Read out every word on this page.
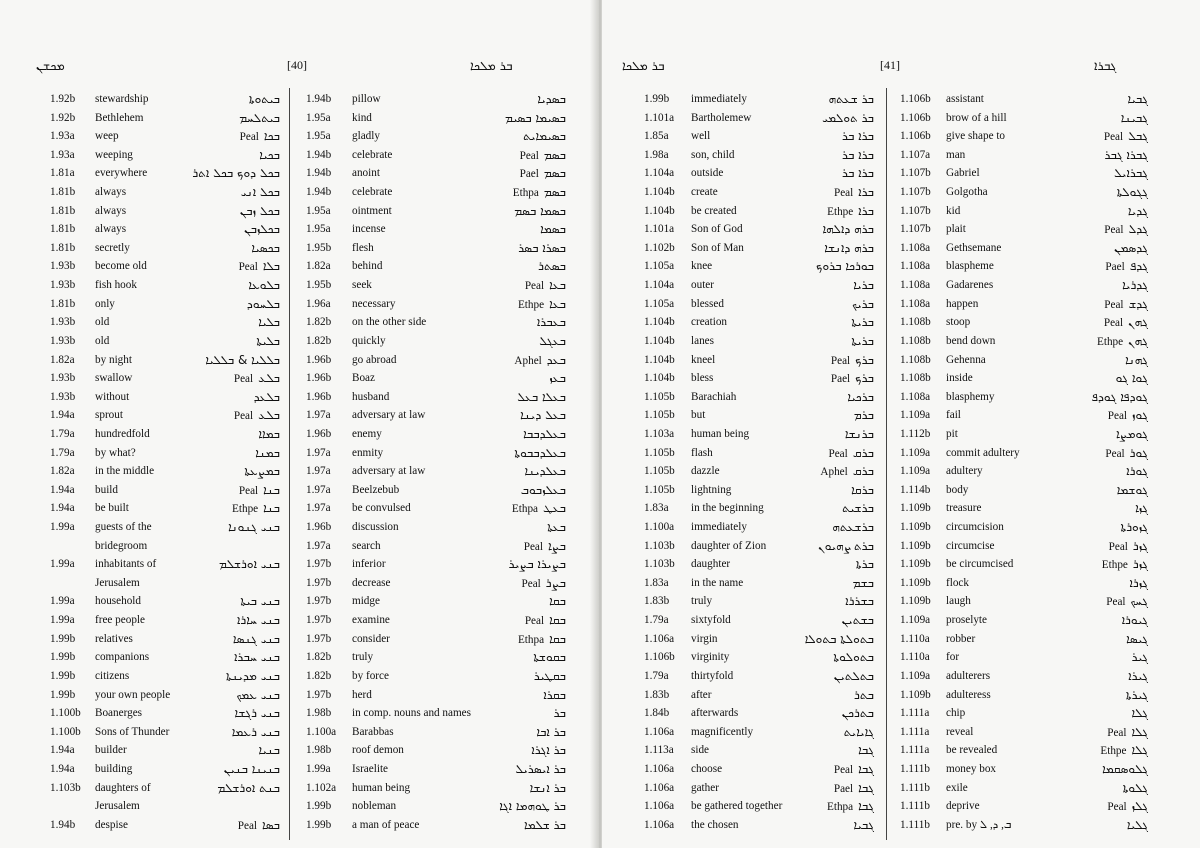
ܡܟܫܢ	[40]	ܒܪ ܡܠܟܐ
1.92b stewardship	ܒܝܬܘܬܐ
1.92b Bethlehem	ܒܝܬܠܚܡ
1.93a weep	Peal ܒܟܐ
1.93a weeping	ܒܟܝܐ
1.81a everywhere	ܒܟܠ ܕܘܟ ܒܟܠ ܐܬܪ
1.81b always	ܒܟܠ ܐܢܝ
1.81b always	ܒܟܠ ܙܒܢ
1.81b always	ܒܟܠܙܒܢ
1.81b secretly	ܒܟܣܝܐ
1.93b become old	Peal ܒܠܐ
1.93b fish hook	ܒܠܘܥܐ
1.81b only	ܒܠܚܘܕ
1.93b old	ܒܠܝܐ
1.93b old	ܒܠܝܬܐ
1.82a by night	ܒܠܠܝܐ & ܒܠܠܝܐ
1.93b swallow	Peal ܒܠܥ
1.93b without	ܒܠܥܕ
1.94a sprout	Peal ܒܠܥ
1.79a hundredfold	ܒܡܐܐ
1.79a by what?	ܒܡܢܐ
1.82a in the middle	ܒܡܨܥܬܐ
1.94a build	Peal ܒܢܐ
1.94a be built	Ethpe ܒܢܐ
1.99a guests of the	ܒܢܝ ܓܢܘܢܐ
bridegroom
1.99a inhabitants of	ܒܢܝ ܐܘܪܫܠܡ
Jerusalem
1.99a household	ܒܢܝ ܒܝܬܐ
1.99a free people	ܒܢܝ ܚܐܪܐ
1.99b relatives	ܒܢܝ ܓܢܣܐ
1.99b companions	ܒܢܝ ܚܒܪܐ
1.99b citizens	ܒܢܝ ܡܕܝܢܬܐ
1.99b your own people	ܒܢܝ ܥܡܟ
1.100b Boanerges	ܒܢܝ ܪܓܫܐ
1.100b Sons of Thunder	ܒܢܝ ܪܥܡܐ
1.94a builder	ܒܢܝܐ
1.94a building	ܒܢܝܢܐ ܒܢܝܢ
1.103b daughters of	ܒܢܬ ܐܘܪܫܠܡ
Jerusalem
1.94b despise	Peal ܒܣܐ
1.94b pillow	ܒܣܕܝܐ
1.95a kind	ܒܣܝܡܐ ܒܣܝܡ
1.95a gladly	ܒܣܝܡܐܝܬ
1.94b celebrate	Peal ܒܣܡ
1.94b anoint	Pael ܒܣܡ
1.94b celebrate	Ethpa ܒܣܡ
1.95a ointment	ܒܣܡܐ ܒܣܡ
1.95a incense	ܒܣܡܐ
1.95b flesh	ܒܣܪܐ ܒܣܪ
1.82a behind	ܒܣܬܪ
1.95b seek	Peal ܒܥܐ
1.96a necessary	Ethpe ܒܥܐ
1.82b on the other side	ܒܥܒܪܐ
1.82b quickly	ܒܥܓܠ
1.96b go abroad	Aphel ܒܥܕ
1.96b Boaz	ܒܥܙ
1.96b husband	ܒܥܠܐ ܒܥܠ
1.97a adversary at law	ܒܥܠ ܕܝܢܐ
1.96b enemy	ܒܥܠܕܒܒܐ
1.97a enmity	ܒܥܠܕܒܒܘܬܐ
1.97a adversary at law	ܒܥܠܕܝܢܐ
1.97a Beelzebub	ܒܥܠܙܒܘܒ
1.97a be convulsed	Ethpa ܒܥܛ
1.96b discussion	ܒܥܬܐ
1.97a search	Peal ܒܨܐ
1.97b inferior	ܒܨܝܪܐ ܒܨܝܪ
1.97b decrease	Peal ܒܨܪ
1.97b midge	ܒܩܐ
1.97b examine	Peal ܒܩܐ
1.97b consider	Ethpa ܒܩܐ
1.82b truly	ܒܩܘܫܬܐ
1.82b by force	ܒܩܛܝܪ
1.97b herd	ܒܩܪܐ
1.98b in comp. nouns and names	ܒܪ
1.100a Barabbas	ܒܪ ܐܒܐ
1.98b roof demon	ܒܪ ܐܓܪܐ
1.99a Israelite	ܒܪ ܐܝܣܪܝܠ
1.102a human being	ܒܪ ܐܢܫܐ
1.99b nobleman	ܒܪ ܛܘܗܡܐ ܐܓܐ
1.99b a man of peace	ܒܪ ܫܠܡܐ
ܒܪ ܡܠܟܐ	[41]	ܓܒܪܐ
1.99b immediately	ܒܪ ܫܥܬܗ
1.101a Bartholemew	ܒܪ ܬܘܠܡܝ
1.85a well	ܒܪܐ ܒܪ
1.98a son, child	ܒܪܐ ܒܪ
1.104a outside	ܒܪܐ ܒܪ
1.104b create	Peal ܒܪܐ
1.104b be created	Ethpe ܒܪܐ
1.101a Son of God	ܒܪܗ ܕܐܠܗܐ
1.102b Son of Man	ܒܪܗ ܕܐܢܫܐ
1.105a knee	ܒܘܪܟܐ ܒܪܘܟ
1.104a outer	ܒܪܝܐ
1.105a blessed	ܒܪܝܟ
1.104b creation	ܒܪܝܬܐ
1.104b lanes	ܒܪܝܬܐ
1.104b kneel	Peal ܒܪܟ
1.104b bless	Pael ܒܪܟ
1.105b Barachiah	ܒܪܟܝܐ
1.105b but	ܒܪܡ
1.103a human being	ܒܪܢܫܐ
1.105b flash	Peal ܒܪܩ
1.105b dazzle	Aphel ܒܪܩ
1.105b lightning	ܒܪܩܐ
1.83a in the beginning	ܒܪܫܝܬ
1.100a immediately	ܒܪܫܥܬܗ
1.103b daughter of Zion	ܒܪܬ ܨܗܝܘܢ
1.103b daughter	ܒܪܬܐ
1.83a in the name	ܒܫܡ
1.83b truly	ܒܫܪܪܐ
1.79a sixtyfold	ܒܫܬܝܢ
1.106a virgin	ܒܬܘܠܬܐ ܒܬܘܠܐ
1.106b virginity	ܒܬܘܠܘܬܐ
1.79a thirtyfold	ܒܬܠܬܝܢ
1.83b after	ܒܬܪ
1.84b afterwards	ܒܬܪܟܢ
1.106a magnificently	ܓܐܝܐܝܬ
1.113a side	ܓܒܐ
1.106a choose	Peal ܓܒܐ
1.106a gather	Pael ܓܒܐ
1.106a be gathered together	Ethpa ܓܒܐ
1.106a the chosen	ܓܒܝܐ
1.106b assistant	ܓܒܝܐ
1.106b brow of a hill	ܓܒܝܢܐ
1.106b give shape to	Peal ܓܒܠ
1.107a man	ܓܒܪܐ ܓܒܪ
1.107b Gabriel	ܓܒܪܐܝܠ
1.107b Golgotha	ܓܓܘܠܬܐ
1.107b kid	ܓܕܝܐ
1.107b plait	Peal ܓܕܠ
1.108a Gethsemane	ܓܕܣܡܢ
1.108a blaspheme	Pael ܓܕܦ
1.108a Gadarenes	ܓܕܪܝܐ
1.108a happen	Peal ܓܕܫ
1.108b stoop	Peal ܓܗܢ
1.108b bend down	Ethpe ܓܗܢ
1.108b Gehenna	ܓܗܢܐ
1.108b inside	ܓܘܐ ܓܘ
1.108a blasphemy	ܓܘܕܦܐ ܓܘܕܦ
1.109a fail	Peal ܓܘܙ
1.112b pit	ܓܘܡܨܐ
1.109a commit adultery	Peal ܓܘܪ
1.109a adultery	ܓܘܪܐ
1.114b body	ܓܘܫܡܐ
1.109b treasure	ܓܙܐ
1.109b circumcision	ܓܙܘܪܬܐ
1.109b circumcise	Peal ܓܙܪ
1.109b be circumcised	Ethpe ܓܙܪ
1.109b flock	ܓܙܪܐ
1.109b laugh	Peal ܓܚܟ
1.109a proselyte	ܓܝܘܪܐ
1.110a robber	ܓܝܣܐ
1.110a for	ܓܝܪ
1.109a adulterers	ܓܝܪܐ
1.109b adulteress	ܓܝܪܬܐ
1.111a chip	ܓܠܐ
1.111a reveal	Peal ܓܠܐ
1.111a be revealed	Ethpe ܓܠܐ
1.111b money box	ܓܠܘܣܩܡܐ
1.111b exile	ܓܠܘܬܐ
1.111b deprive	Peal ܓܠܙ
1.111b pre. by ܒ, ܕ, ܠ	ܓܠܝܐ
